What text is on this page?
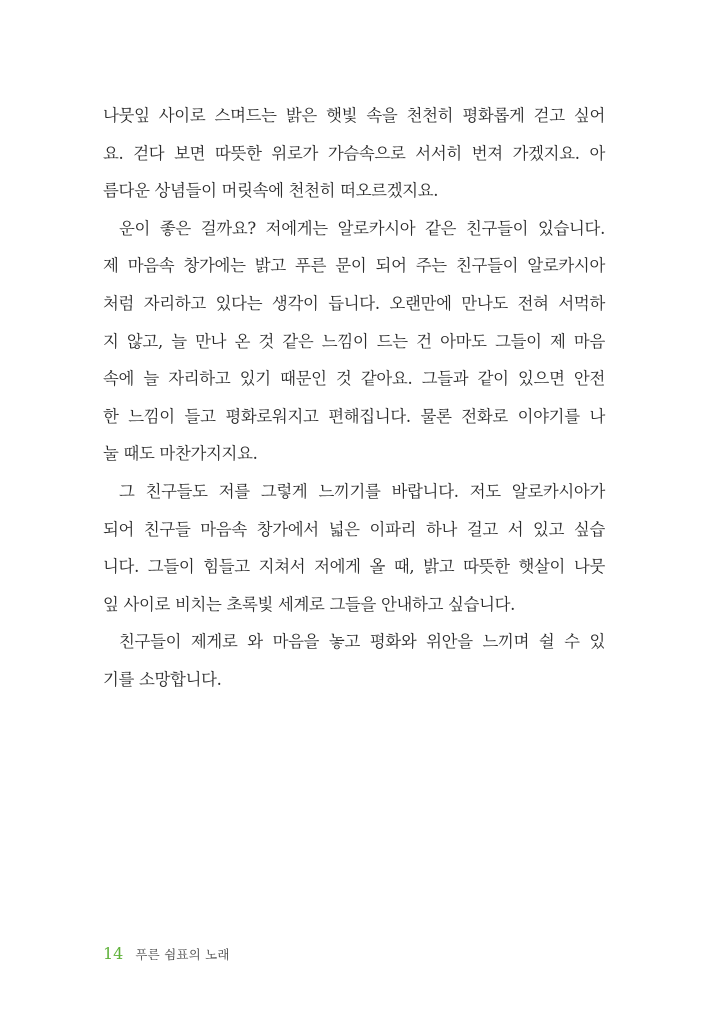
나뭇잎 사이로 스며드는 밝은 햇빛 속을 천천히 평화롭게 걷고 싶어
요. 걷다 보면 따뜻한 위로가 가슴속으로 서서히 번져 가겠지요. 아
름다운 상념들이 머릿속에 천천히 떠오르겠지요.

운이 좋은 걸까요? 저에게는 알로카시아 같은 친구들이 있습니다.
제 마음속 창가에는 밝고 푸른 문이 되어 주는 친구들이 알로카시아
처럼 자리하고 있다는 생각이 듭니다. 오랜만에 만나도 전혀 서먹하
지 않고, 늘 만나 온 것 같은 느낌이 드는 건 아마도 그들이 제 마음
속에 늘 자리하고 있기 때문인 것 같아요. 그들과 같이 있으면 안전
한 느낌이 들고 평화로워지고 편해집니다. 물론 전화로 이야기를 나
눌 때도 마찬가지지요.

그 친구들도 저를 그렇게 느끼기를 바랍니다. 저도 알로카시아가
되어 친구들 마음속 창가에서 넓은 이파리 하나 걸고 서 있고 싶습
니다. 그들이 힘들고 지쳐서 저에게 올 때, 밝고 따뜻한 햇살이 나뭇
잎 사이로 비치는 초록빛 세계로 그들을 안내하고 싶습니다.

친구들이 제게로 와 마음을 놓고 평화와 위안을 느끼며 쉴 수 있
기를 소망합니다.

14 푸른 쉼표의 노래
